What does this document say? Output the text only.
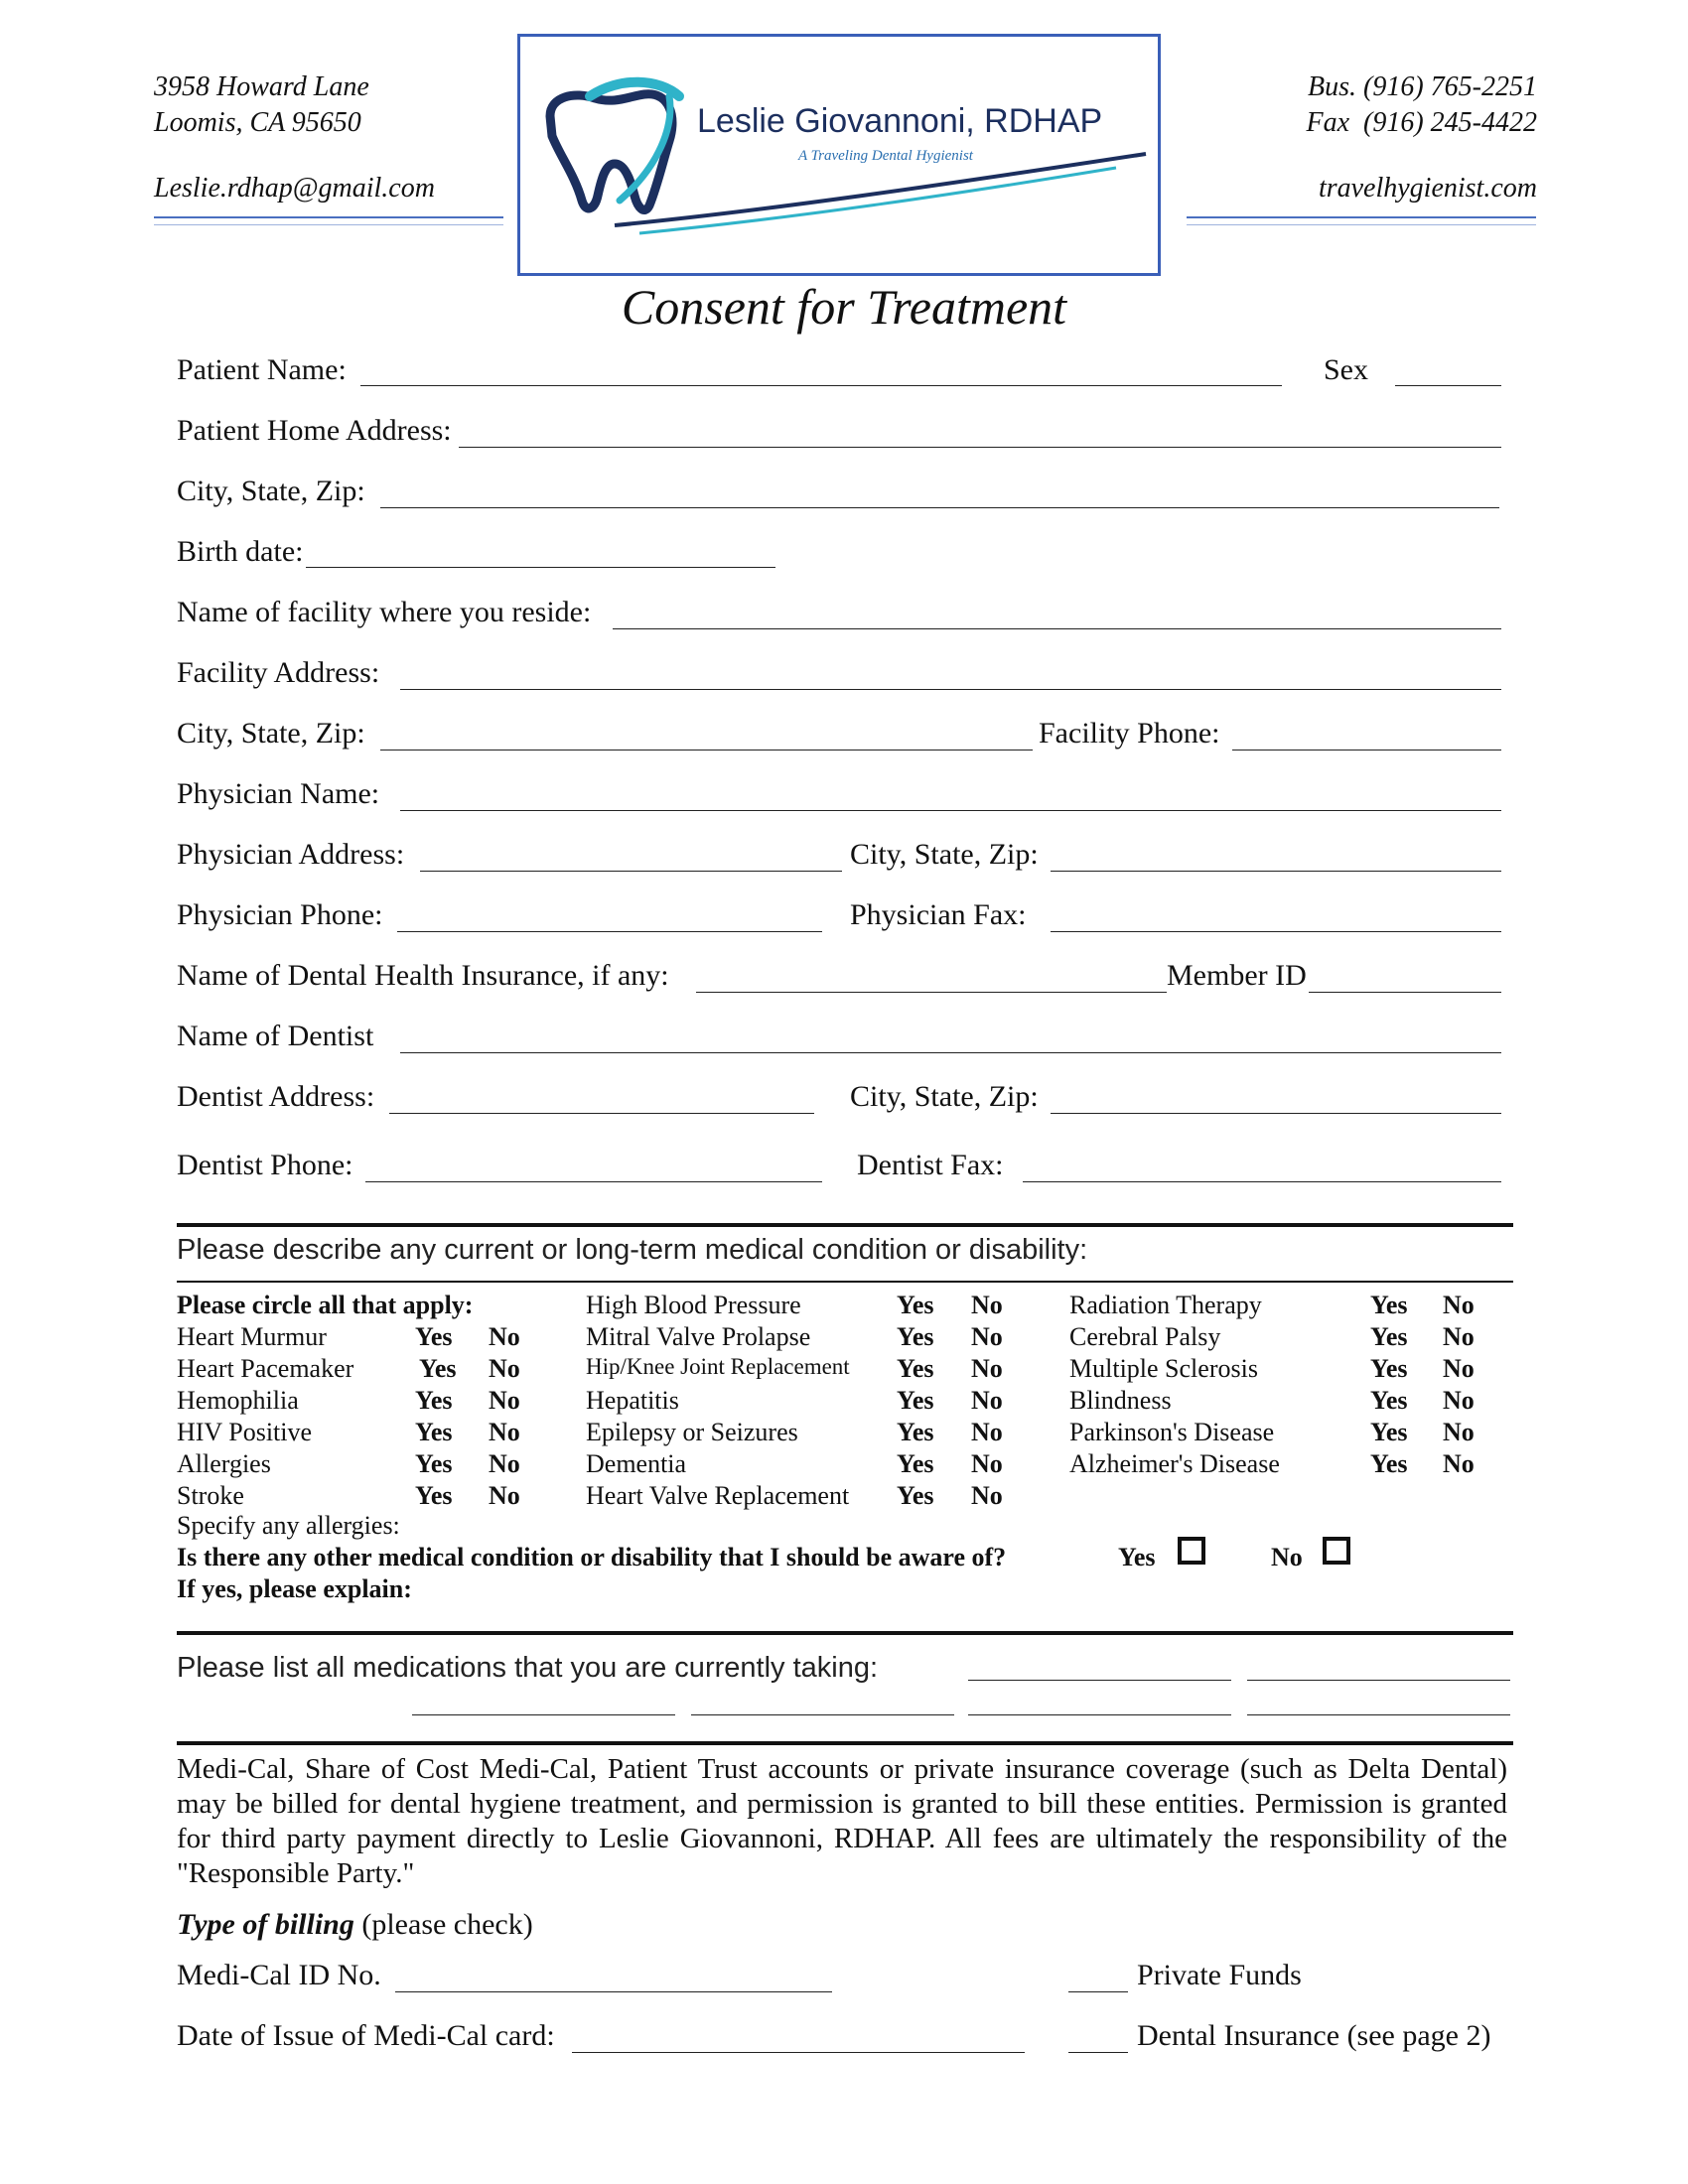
3958 Howard Lane
Loomis, CA 95650
Leslie.rdhap@gmail.com
Bus. (916) 765-2251
Fax  (916) 245-4422
travelhygienist.com
Leslie Giovannoni, RDHAP
A Traveling Dental Hygienist
Consent for Treatment
Patient Name:	Sex
Patient Home Address:
City, State, Zip:
Birth date:
Name of facility where you reside:
Facility Address:
City, State, Zip:	Facility Phone:
Physician Name:
Physician Address:	City, State, Zip:
Physician Phone:	Physician Fax:
Name of Dental Health Insurance, if any:	Member ID
Name of Dentist
Dentist Address:	City, State, Zip:
Dentist Phone:	Dentist Fax:
Please describe any current or long-term medical condition or disability:
Please circle all that apply:
Heart Murmur	Yes No
Heart Pacemaker	Yes No
Hemophilia	Yes No
HIV Positive	Yes No
Allergies	Yes No
Stroke	Yes No
High Blood Pressure	Yes No
Mitral Valve Prolapse	Yes No
Hip/Knee Joint Replacement Yes No
Hepatitis	Yes No
Epilepsy or Seizures	Yes No
Dementia	Yes No
Heart Valve Replacement Yes No
Radiation Therapy	Yes No
Cerebral Palsy	Yes No
Multiple Sclerosis	Yes No
Blindness	Yes No
Parkinson's Disease	Yes No
Alzheimer's Disease	Yes No
Specify any allergies:
Is there any other medical condition or disability that I should be aware of?	Yes	No
If yes, please explain:
Please list all medications that you are currently taking:
Medi-Cal, Share of Cost Medi-Cal, Patient Trust accounts or private insurance coverage (such as Delta Dental) may be billed for dental hygiene treatment, and permission is granted to bill these entities. Permission is granted for third party payment directly to Leslie Giovannoni, RDHAP. All fees are ultimately the responsibility of the "Responsible Party."
Type of billing (please check)
Medi-Cal ID No.	Private Funds
Date of Issue of Medi-Cal card:	Dental Insurance (see page 2)
